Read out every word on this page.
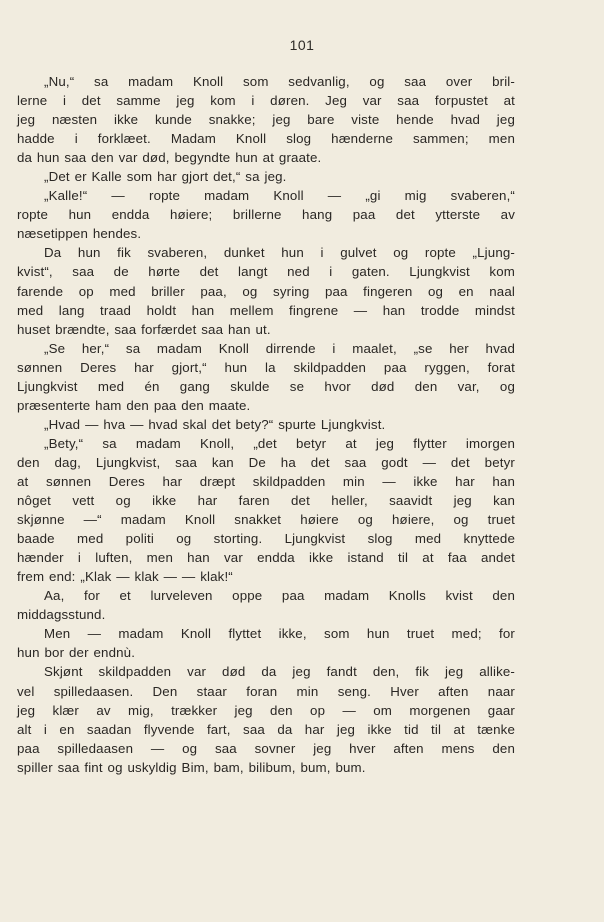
101
„Nu,“ sa madam Knoll som sedvanlig, og saa over bril-
lerne i det samme jeg kom i døren. Jeg var saa forpustet at
jeg næsten ikke kunde snakke; jeg bare viste hende hvad jeg
hadde i forklæet. Madam Knoll slog hænderne sammen; men
da hun saa den var død, begyndte hun at graate.
„Det er Kalle som har gjort det,“ sa jeg.
„Kalle!“ — ropte madam Knoll — „gi mig svaberen,“
ropte hun endda høiere; brillerne hang paa det ytterste av
næsetippen hendes.
Da hun fik svaberen, dunket hun i gulvet og ropte „Ljung-
kvist“, saa de hørte det langt ned i gaten. Ljungkvist kom
farende op med briller paa, og syring paa fingeren og en naal
med lang traad holdt han mellem fingrene — han trodde mindst
huset brændte, saa forfærdet saa han ut.
„Se her,“ sa madam Knoll dirrende i maalet, „se her hvad
sønnen Deres har gjort,“ hun la skildpadden paa ryggen, forat
Ljungkvist med én gang skulde se hvor død den var, og
præsenterte ham den paa den maate.
„Hvad — hva — hvad skal det bety?“ spurte Ljungkvist.
„Bety,“ sa madam Knoll, „det betyr at jeg flytter imorgen
den dag, Ljungkvist, saa kan De ha det saa godt — det betyr
at sønnen Deres har dræpt skildpadden min — ikke har han
nôget vett og ikke har faren det heller, saavidt jeg kan
skjønne —“ madam Knoll snakket høiere og høiere, og truet
baade med politi og storting. Ljungkvist slog med knyttede
hænder i luften, men han var endda ikke istand til at faa andet
frem end: „Klak — klak — — klak!“
Aa, for et lurveleven oppe paa madam Knolls kvist den
middagsstund.
Men — madam Knoll flyttet ikke, som hun truet med; for
hun bor der endnù.
Skjønt skildpadden var død da jeg fandt den, fik jeg allike-
vel spilledaasen. Den staar foran min seng. Hver aften naar
jeg klær av mig, trækker jeg den op — om morgenen gaar
alt i en saadan flyvende fart, saa da har jeg ikke tid til at tænke
paa spilledaasen — og saa sovner jeg hver aften mens den
spiller saa fint og uskyldig Bim, bam, bilibum, bum, bum.
